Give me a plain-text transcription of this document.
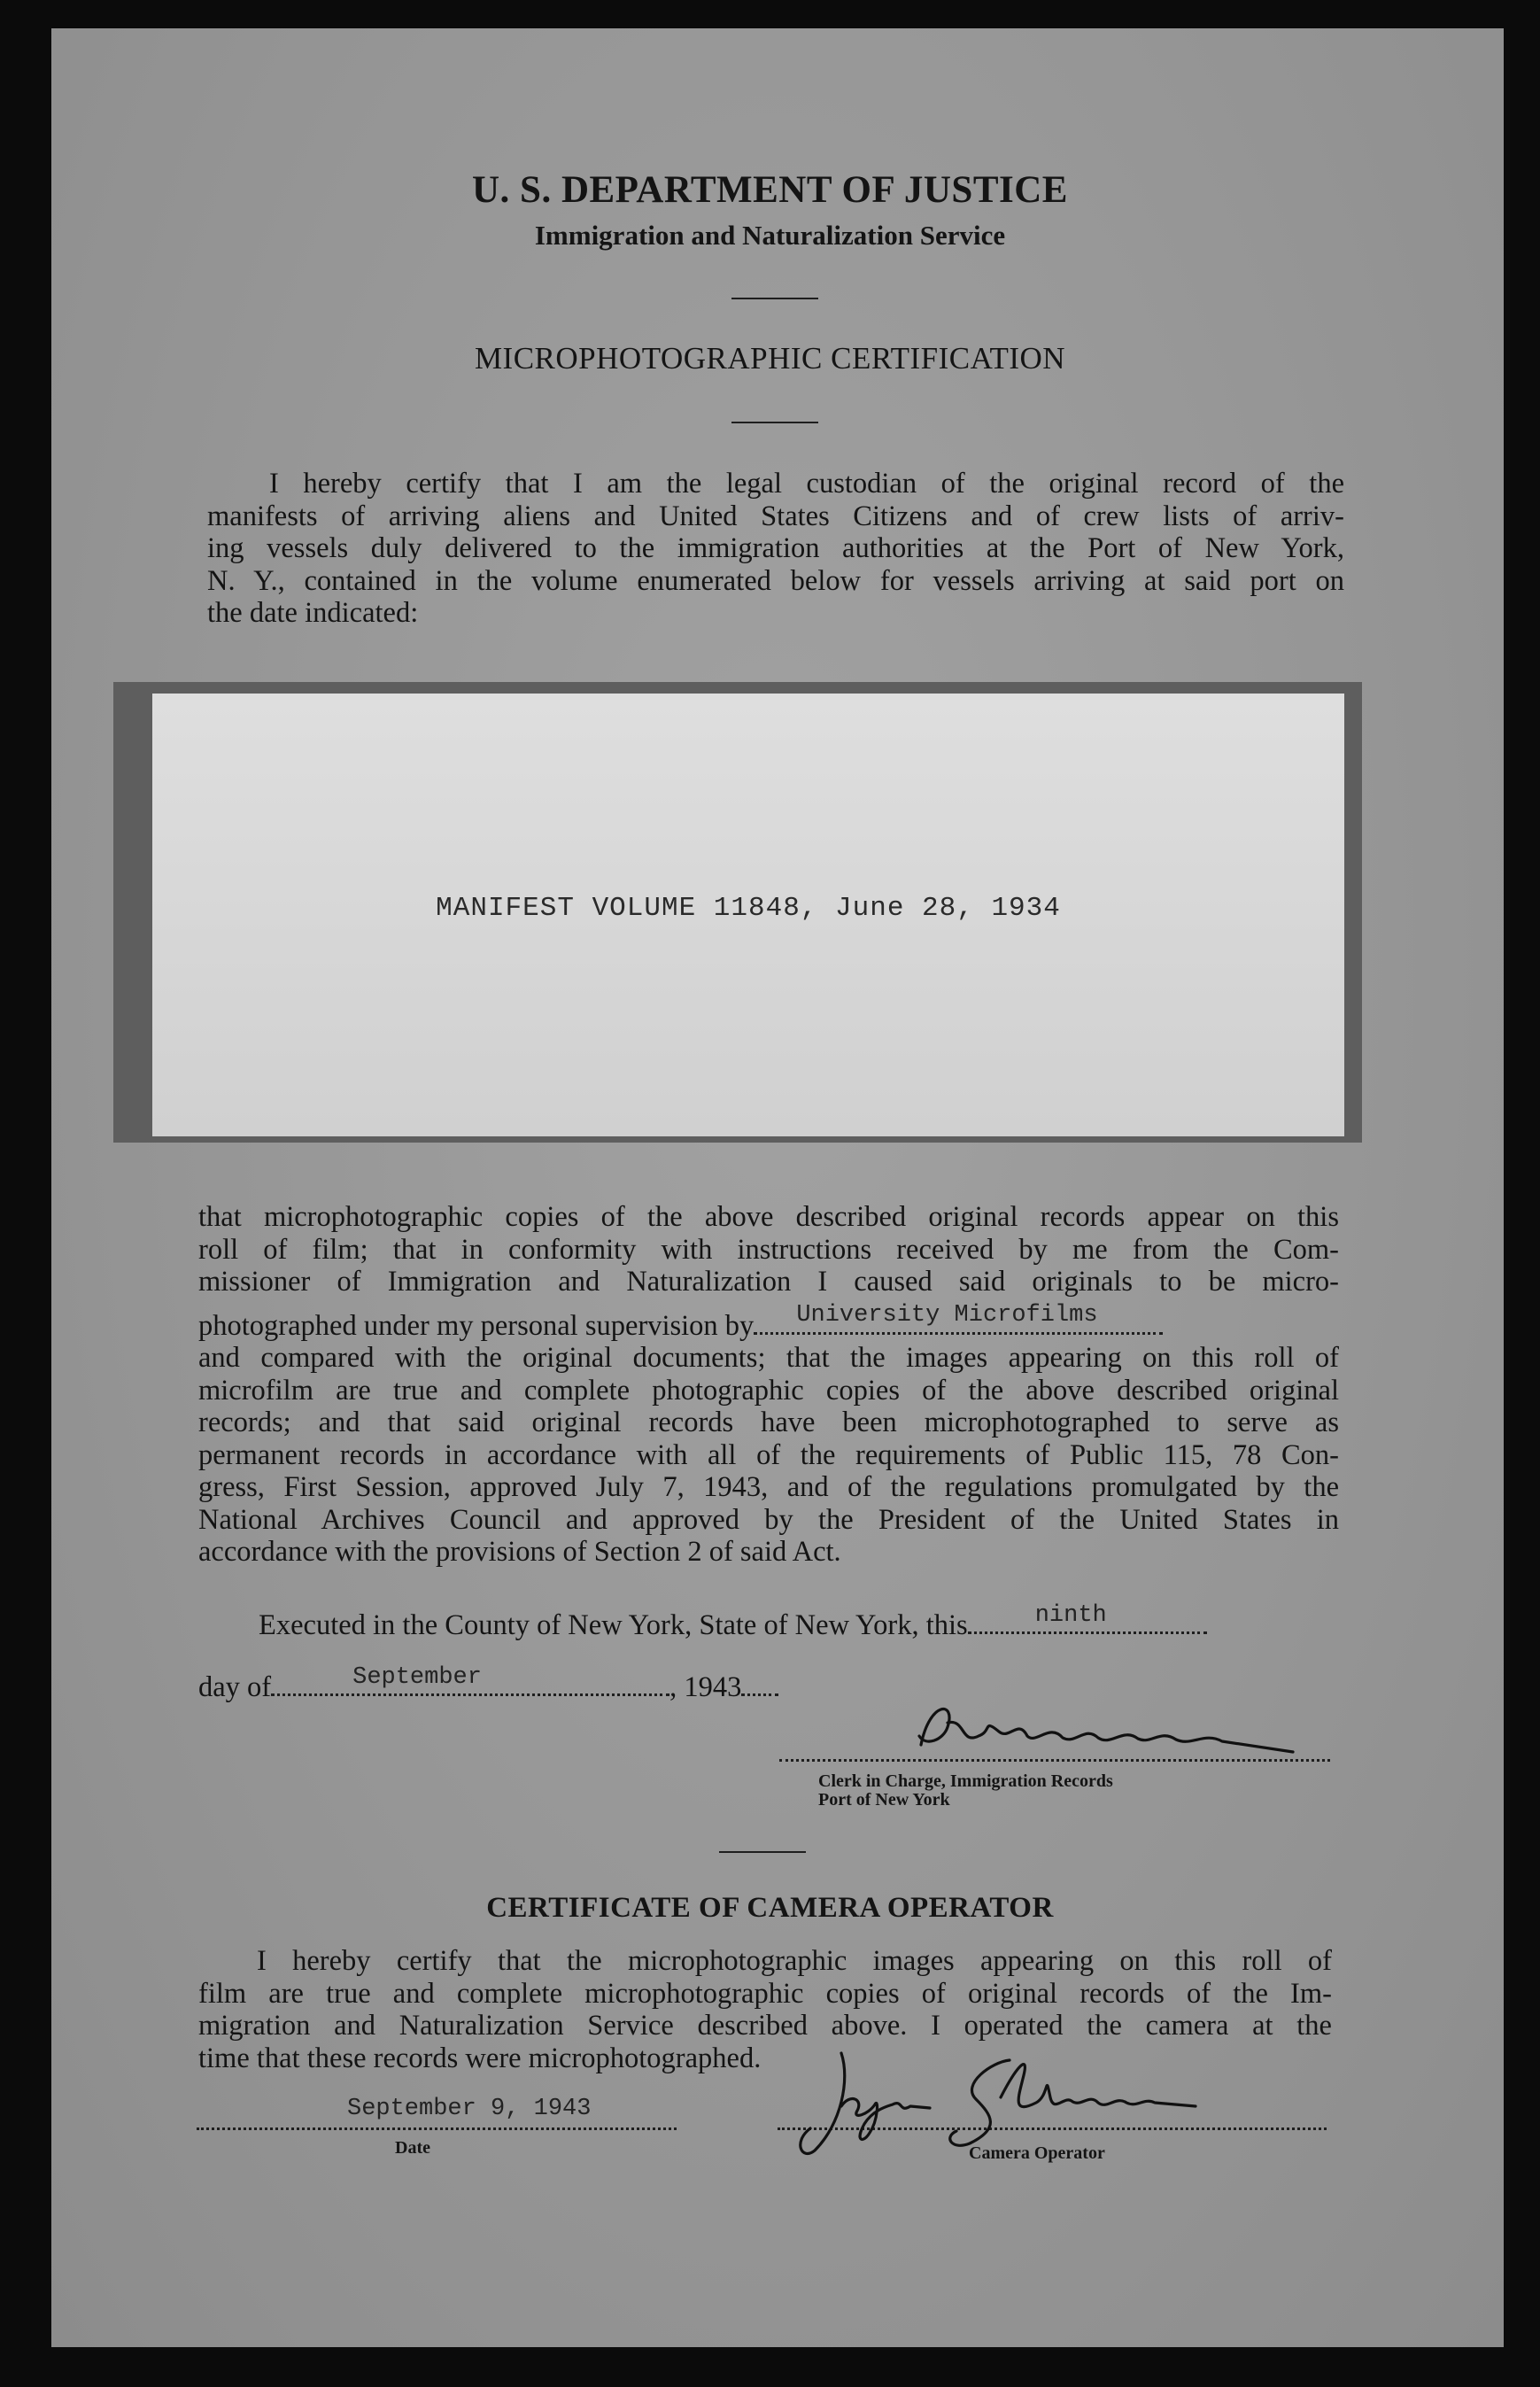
U. S. DEPARTMENT OF JUSTICE
Immigration and Naturalization Service
MICROPHOTOGRAPHIC CERTIFICATION
I hereby certify that I am the legal custodian of the original record of the
manifests of arriving aliens and United States Citizens and of crew lists of arriv-
ing vessels duly delivered to the immigration authorities at the Port of New York,
N. Y., contained in the volume enumerated below for vessels arriving at said port on
the date indicated:
MANIFEST VOLUME 11848, June 28, 1934
that microphotographic copies of the above described original records appear on this
roll of film; that in conformity with instructions received by me from the Com-
missioner of Immigration and Naturalization I caused said originals to be micro-
photographed under my personal supervision by University Microfilms
and compared with the original documents; that the images appearing on this roll of
microfilm are true and complete photographic copies of the above described original
records; and that said original records have been microphotographed to serve as
permanent records in accordance with all of the requirements of Public 115, 78 Con-
gress, First Session, approved July 7, 1943, and of the regulations promulgated by the
National Archives Council and approved by the President of the United States in
accordance with the provisions of Section 2 of said Act.
Executed in the County of New York, State of New York, this	ninth
day of	September	, 1943
Clerk in Charge, Immigration Records
Port of New York
CERTIFICATE OF CAMERA OPERATOR
I hereby certify that the microphotographic images appearing on this roll of
film are true and complete microphotographic copies of original records of the Im-
migration and Naturalization Service described above. I operated the camera at the
time that these records were microphotographed.
September 9, 1943
Date	Camera Operator
